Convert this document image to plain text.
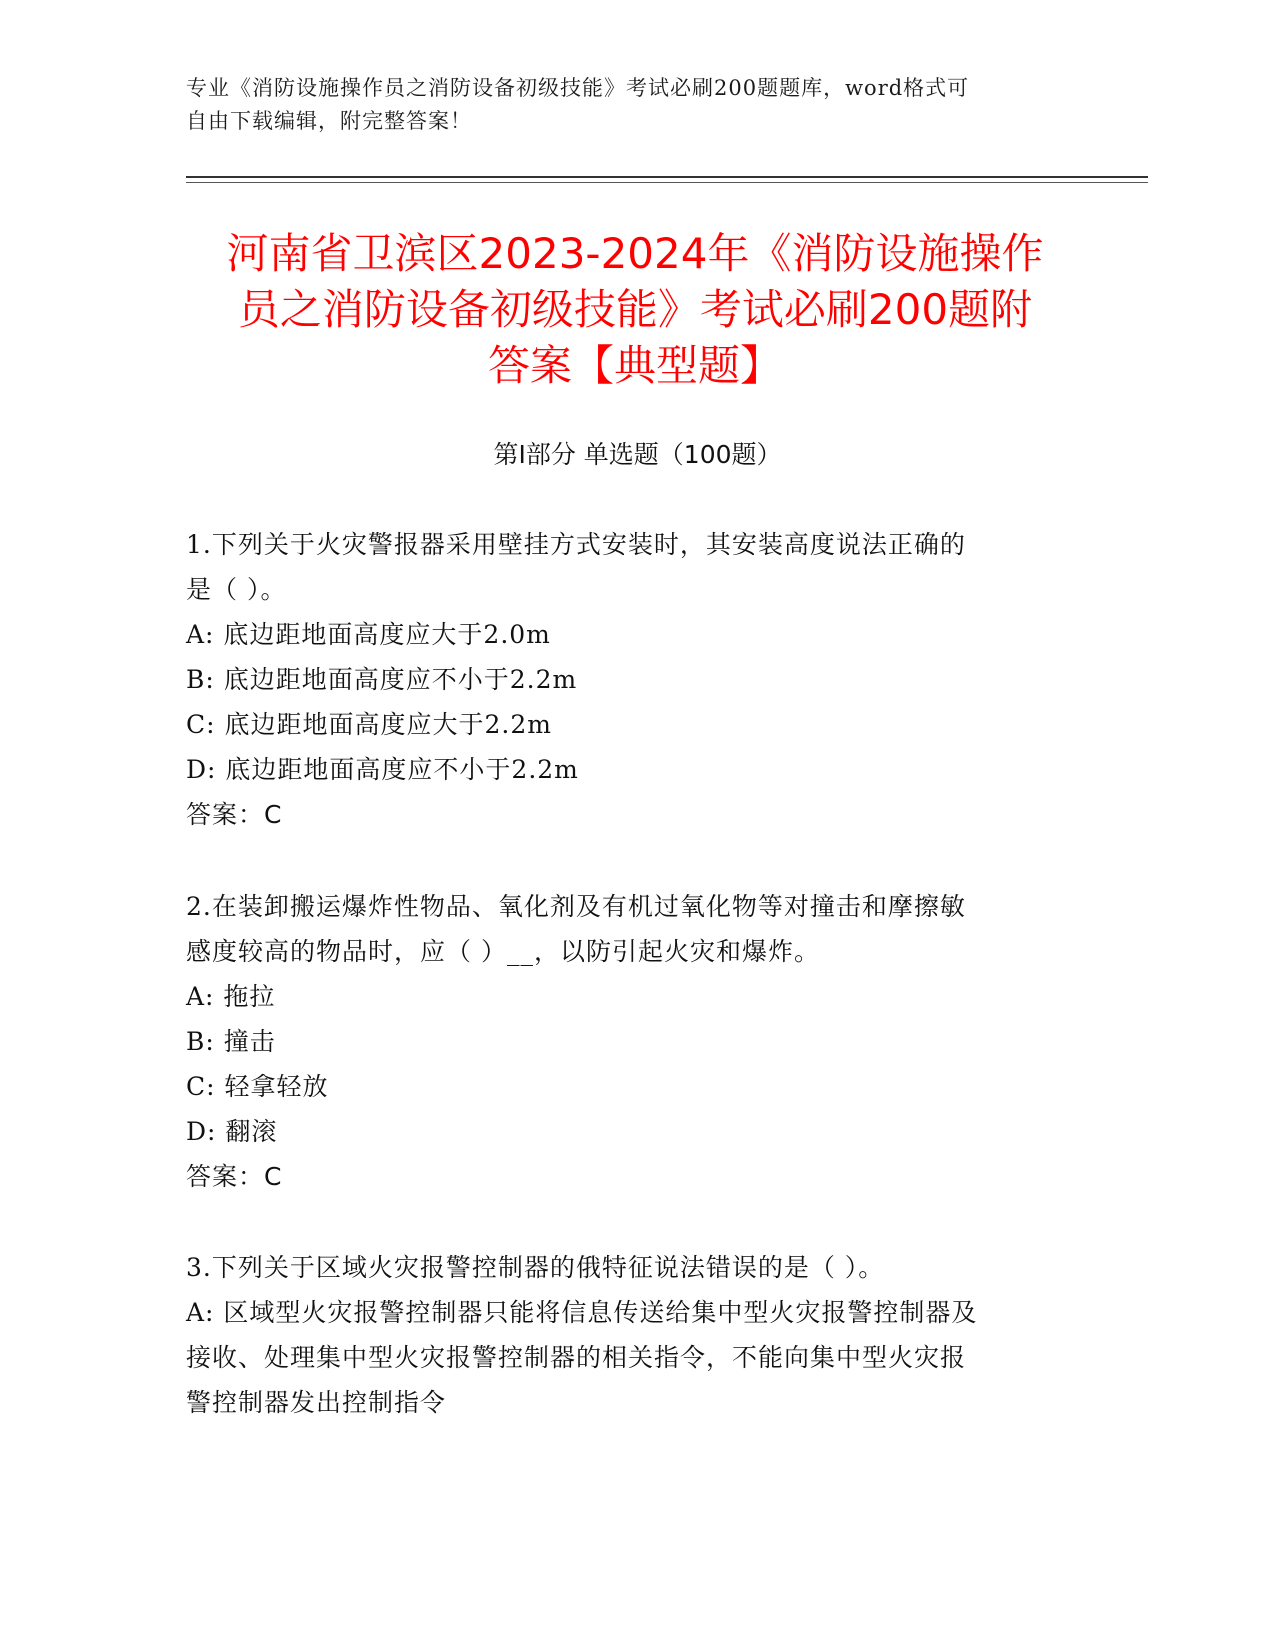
专业《消防设施操作员之消防设备初级技能》考试必刷200题题库，word格式可
自由下载编辑，附完整答案！
河南省卫滨区2023-2024年《消防设施操作
员之消防设备初级技能》考试必刷200题附
答案【典型题】
第I部分 单选题（100题）

1.下列关于火灾警报器采用壁挂方式安装时，其安装高度说法正确的

是（ ）。

A: 底边距地面高度应大于2.0m

B: 底边距地面高度应不小于2.2m

C: 底边距地面高度应大于2.2m

D: 底边距地面高度应不小于2.2m

答案：C

2.在装卸搬运爆炸性物品、氧化剂及有机过氧化物等对撞击和摩擦敏

感度较高的物品时，应（ ）__，以防引起火灾和爆炸。

A: 拖拉

B: 撞击

C: 轻拿轻放

D: 翻滚

答案：C

3.下列关于区域火灾报警控制器的俄特征说法错误的是（ ）。

A: 区域型火灾报警控制器只能将信息传送给集中型火灾报警控制器及

接收、处理集中型火灾报警控制器的相关指令，不能向集中型火灾报

警控制器发出控制指令
